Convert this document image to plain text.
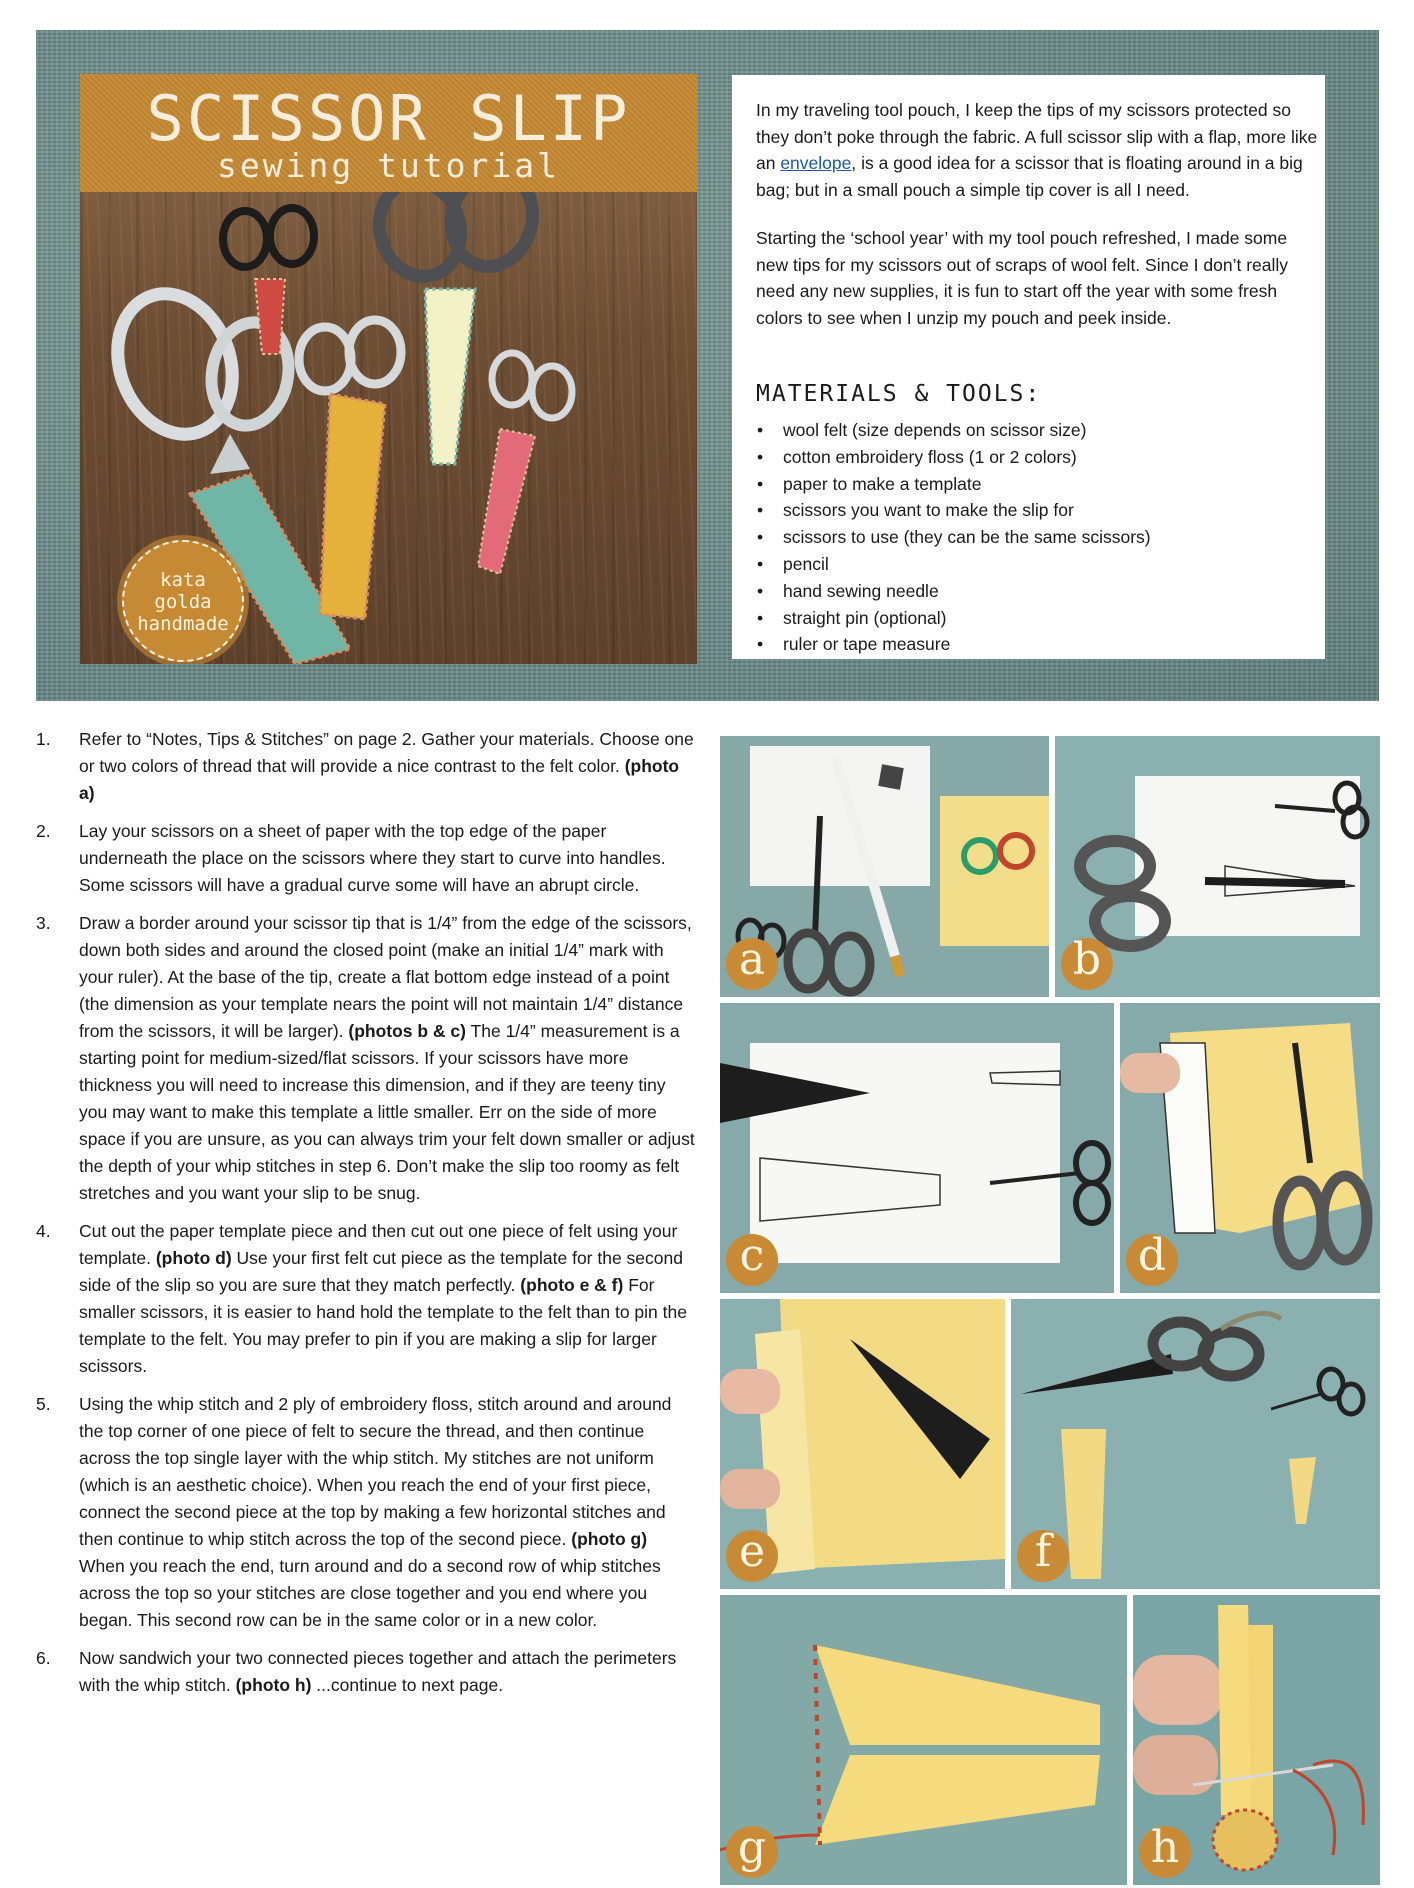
SCISSOR SLIP
sewing tutorial
kata
golda
handmade

In my traveling tool pouch, I keep the tips of my scissors protected so they don’t poke through the fabric. A full scissor slip with a flap, more like an envelope, is a good idea for a scissor that is floating around in a big bag; but in a small pouch a simple tip cover is all I need.

Starting the ‘school year’ with my tool pouch refreshed, I made some new tips for my scissors out of scraps of wool felt. Since I don’t really need any new supplies, it is fun to start off the year with some fresh colors to see when I unzip my pouch and peek inside.

MATERIALS & TOOLS:
• wool felt (size depends on scissor size)
• cotton embroidery floss (1 or 2 colors)
• paper to make a template
• scissors you want to make the slip for
• scissors to use (they can be the same scissors)
• pencil
• hand sewing needle
• straight pin (optional)
• ruler or tape measure
1. Refer to “Notes, Tips & Stitches” on page 2. Gather your materials. Choose one or two colors of thread that will provide a nice contrast to the felt color. (photo a)
2. Lay your scissors on a sheet of paper with the top edge of the paper underneath the place on the scissors where they start to curve into handles. Some scissors will have a gradual curve some will have an abrupt circle.
3. Draw a border around your scissor tip that is 1/4” from the edge of the scissors, down both sides and around the closed point (make an initial 1/4” mark with your ruler). At the base of the tip, create a flat bottom edge instead of a point (the dimension as your template nears the point will not maintain 1/4” distance from the scissors, it will be larger). (photos b & c) The 1/4” measurement is a starting point for medium-sized/flat scissors. If your scissors have more thickness you will need to increase this dimension, and if they are teeny tiny you may want to make this template a little smaller. Err on the side of more space if you are unsure, as you can always trim your felt down smaller or adjust the depth of your whip stitches in step 6. Don’t make the slip too roomy as felt stretches and you want your slip to be snug.
4. Cut out the paper template piece and then cut out one piece of felt using your template. (photo d) Use your first felt cut piece as the template for the second side of the slip so you are sure that they match perfectly. (photo e & f) For smaller scissors, it is easier to hand hold the template to the felt than to pin the template to the felt. You may prefer to pin if you are making a slip for larger scissors.
5. Using the whip stitch and 2 ply of embroidery floss, stitch around and around the top corner of one piece of felt to secure the thread, and then continue across the top single layer with the whip stitch. My stitches are not uniform (which is an aesthetic choice). When you reach the end of your first piece, connect the second piece at the top by making a few horizontal stitches and then continue to whip stitch across the top of the second piece. (photo g) When you reach the end, turn around and do a second row of whip stitches across the top so your stitches are close together and you end where you began. This second row can be in the same color or in a new color.
6. Now sandwich your two connected pieces together and attach the perimeters with the whip stitch. (photo h) ...continue to next page.
a	b
c	d
e	f
g	h
